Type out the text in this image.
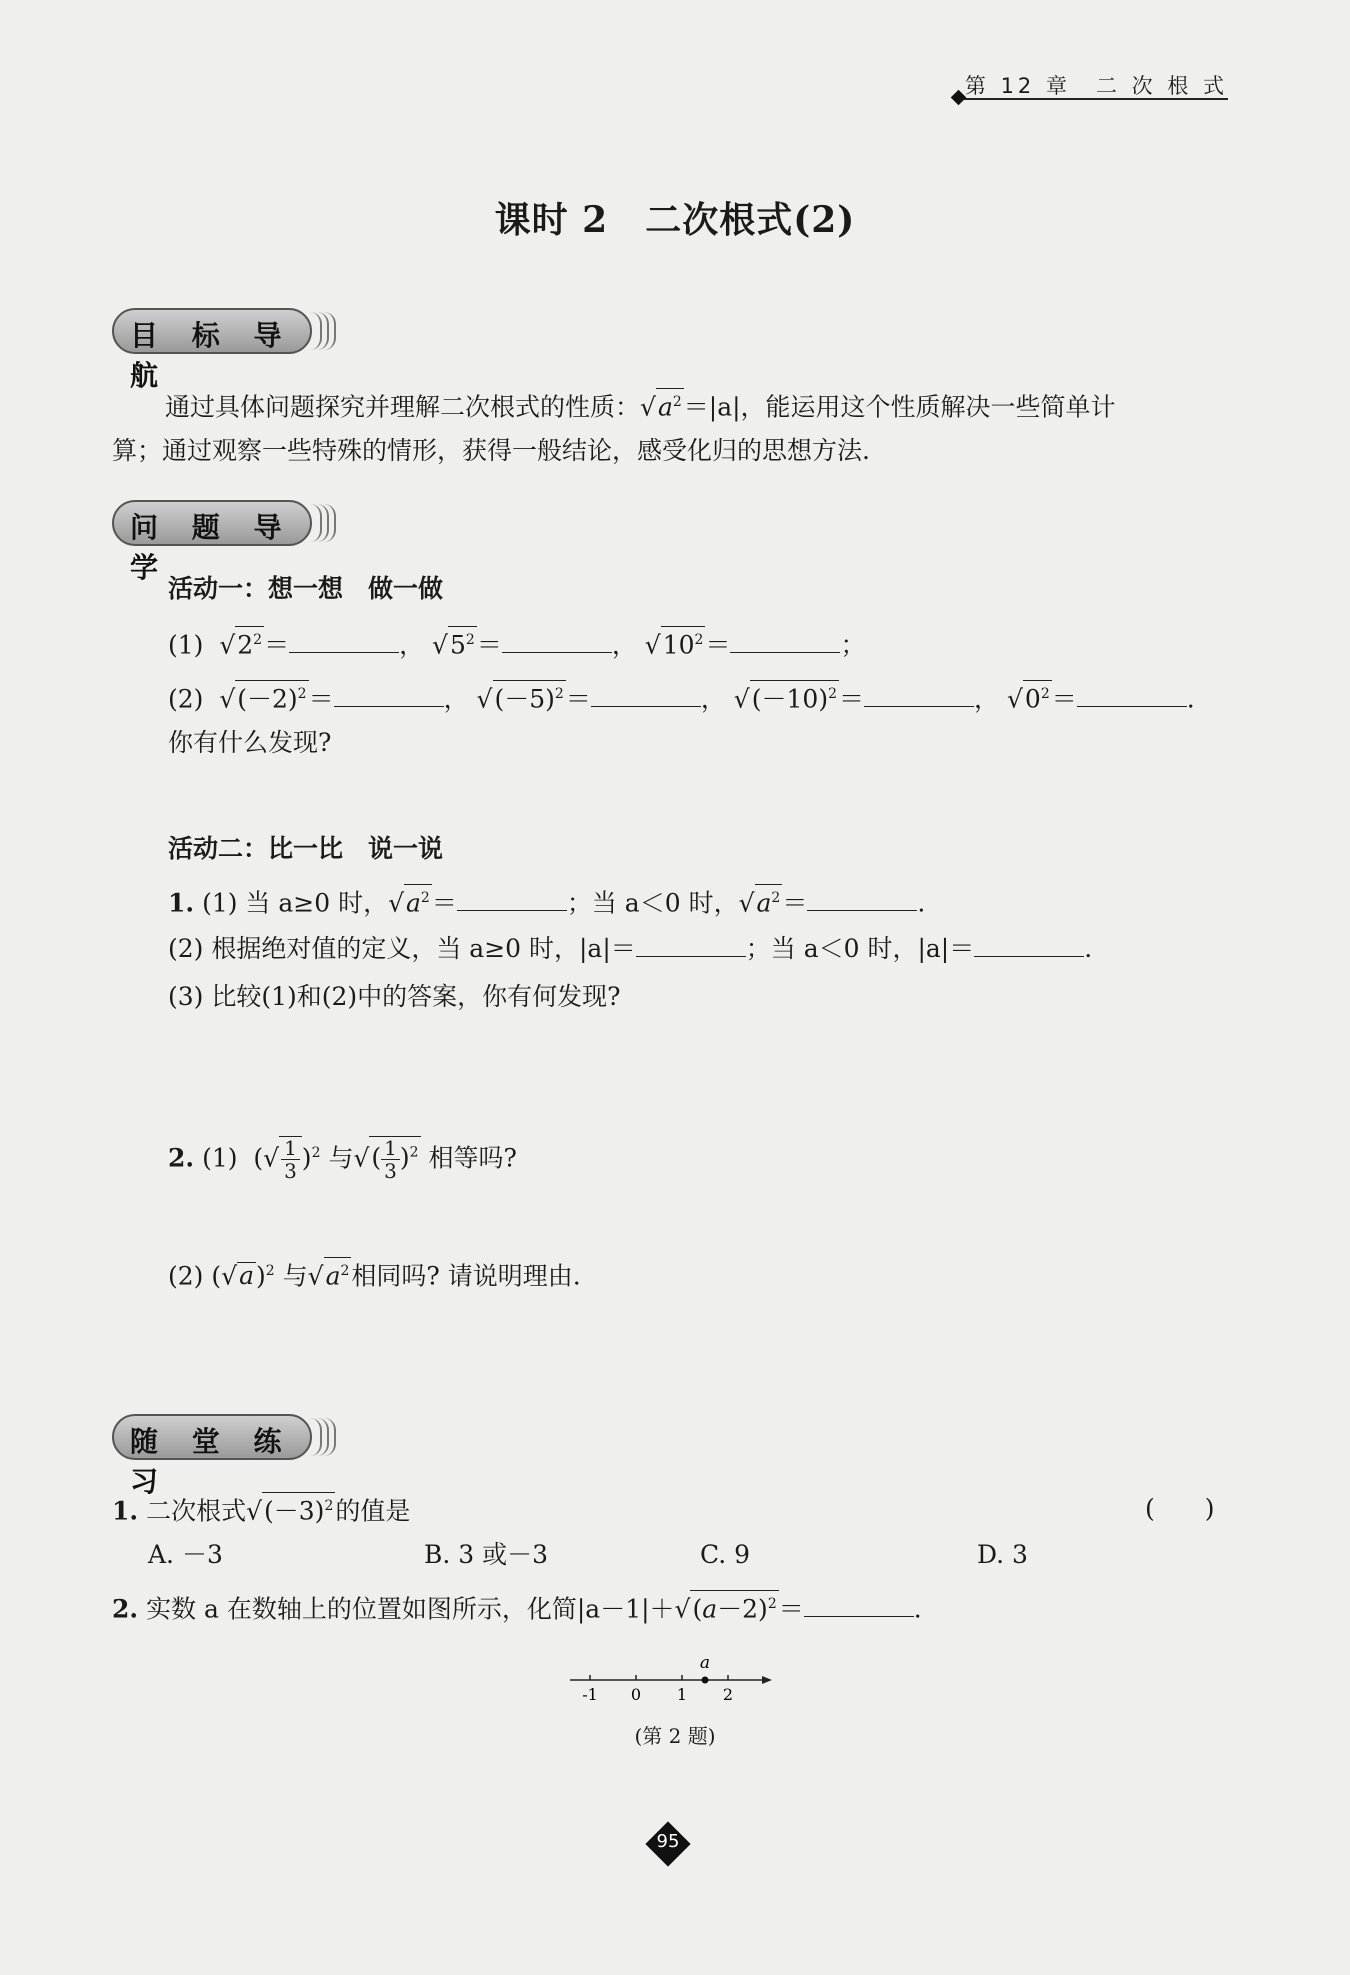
第 12 章　二 次 根 式
课时 2　二次根式(2)
目 标 导 航
通过具体问题探究并理解二次根式的性质：$√a^2=|a|$，能运用这个性质解决一些简单计
算；通过观察一些特殊的情形，获得一般结论，感受化归的思想方法.
问 题 导 学
活动一：想一想　做一做
(1)  $√2^2=$	， $√5^2=$	， $√10^2=$	；
(2)  $√(-2)^2=$	， $√(-5)^2=$	， $√(-10)^2=$	， $√0^2=$	.
你有什么发现?
活动二：比一比　说一说
1. (1) 当 a≥0 时，$√a^2=$	；当 a＜0 时，$√a^2=$	.
(2) 根据绝对值的定义，当 a≥0 时，|a|＝	；当 a＜0 时，|a|＝	.
(3) 比较(1)和(2)中的答案，你有何发现?
2. (1)  (√ $\frac{1}{3} )^2$ 与√( $\frac{1}{3} )^2$ 相等吗?
(2) $(√a)^2$ 与$√a^2$相同吗? 请说明理由.
随 堂 练 习
1. 二次根式$√(-3)^2$的值是	(　　)
A. －3	B. 3 或－3	C. 9	D. 3
2. 实数 a 在数轴上的位置如图所示，化简$|a-1|+√(a-2)^2=$	.
-1 0 1 2
a
(第 2 题)
95
